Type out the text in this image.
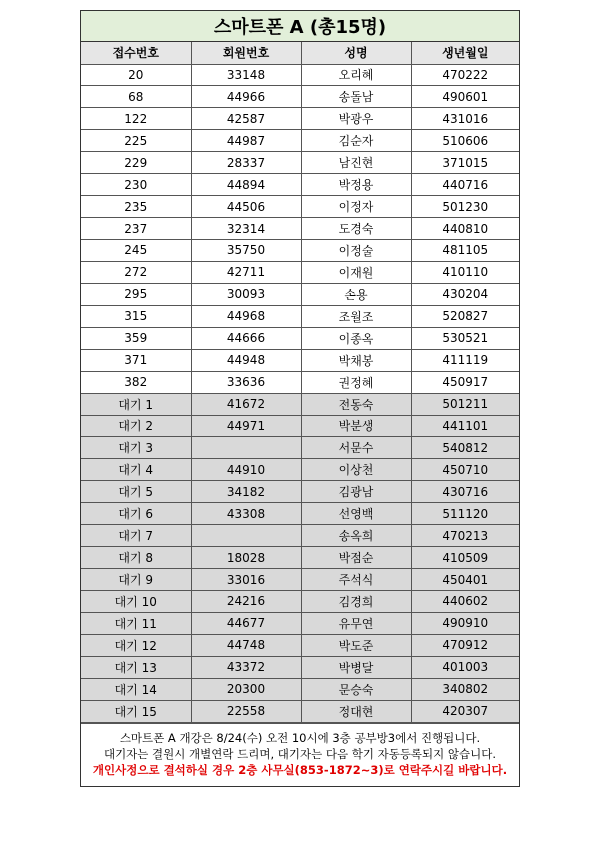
스마트폰 A (총15명)
접수번호	회원번호	성명	생년월일
20	33148	오리혜	470222
68	44966	송돌남	490601
122	42587	박광우	431016
225	44987	김순자	510606
229	28337	남진현	371015
230	44894	박정용	440716
235	44506	이정자	501230
237	32314	도경숙	440810
245	35750	이정술	481105
272	42711	이재원	410110
295	30093	손용	430204
315	44968	조월조	520827
359	44666	이종옥	530521
371	44948	박채봉	411119
382	33636	권정혜	450917
대기 1	41672	전동숙	501211
대기 2	44971	박분생	441101
대기 3		서문수	540812
대기 4	44910	이상천	450710
대기 5	34182	김광남	430716
대기 6	43308	선영백	511120
대기 7		송옥희	470213
대기 8	18028	박점순	410509
대기 9	33016	주석식	450401
대기 10	24216	김경희	440602
대기 11	44677	유무연	490910
대기 12	44748	박도준	470912
대기 13	43372	박병달	401003
대기 14	20300	문승숙	340802
대기 15	22558	정대현	420307
스마트폰 A 개강은 8/24(수) 오전 10시에 3층 공부방3에서 진행됩니다.
대기자는 결원시 개별연락 드리며, 대기자는 다음 학기 자동등록되지 않습니다.
개인사정으로 결석하실 경우 2층 사무실(853-1872~3)로 연락주시길 바랍니다.
